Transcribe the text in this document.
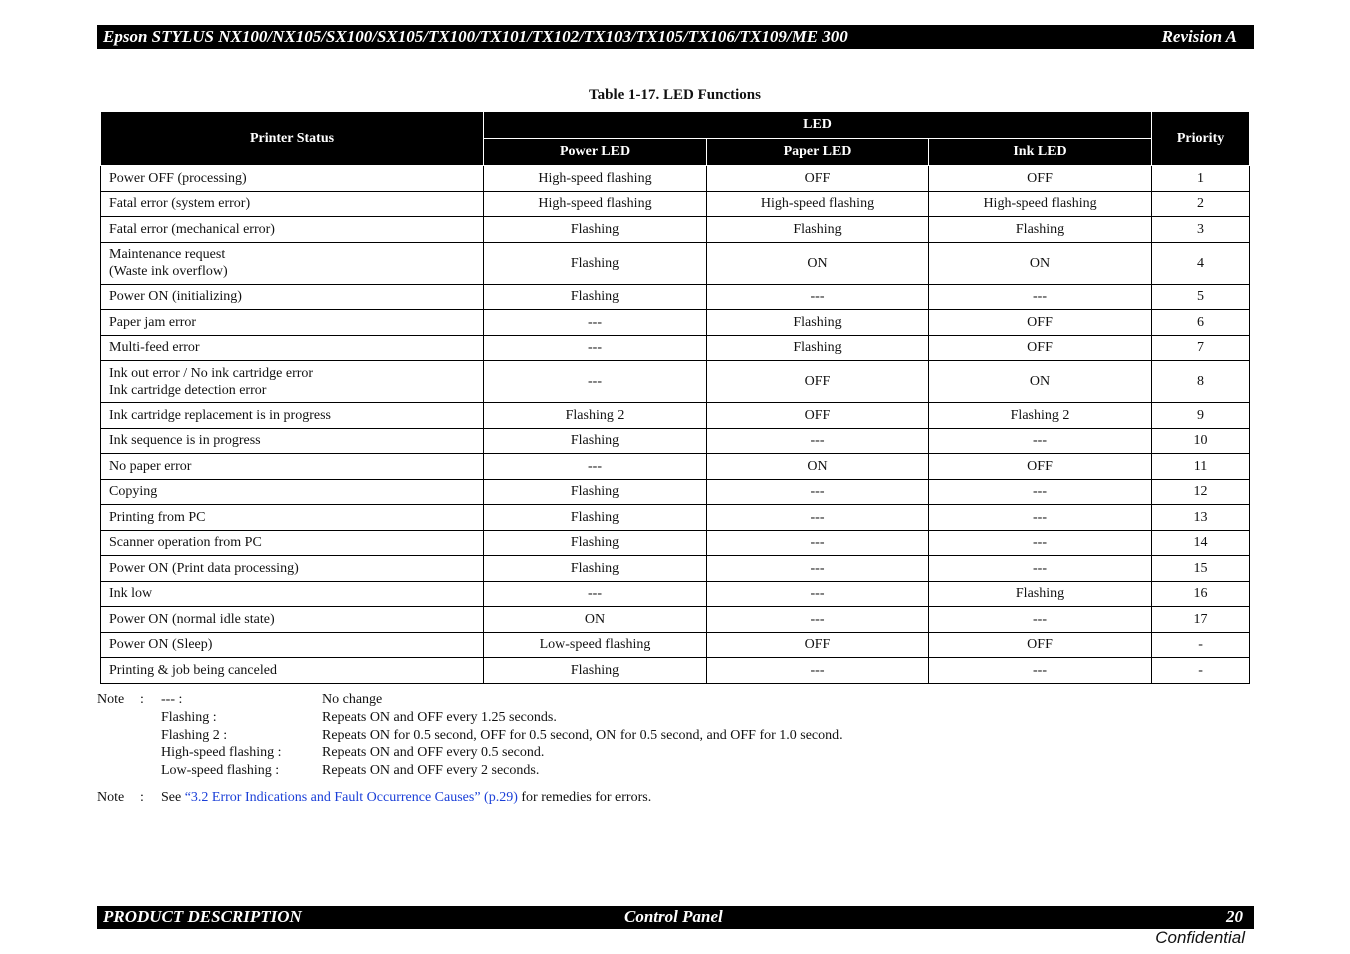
Epson STYLUS NX100/NX105/SX100/SX105/TX100/TX101/TX102/TX103/TX105/TX106/TX109/ME 300	Revision A
Table 1-17. LED Functions
Printer Status	LED			Priority
	Power LED	Paper LED	Ink LED	

Power OFF (processing)	High-speed flashing	OFF	OFF	1

Fatal error (system error)	High-speed flashing	High-speed flashing	High-speed flashing	2

Fatal error (mechanical error)	Flashing	Flashing	Flashing	3

Maintenance request
(Waste ink overflow)	Flashing	ON	ON	4

Power ON (initializing)	Flashing	---	---	5

Paper jam error	---	Flashing	OFF	6

Multi-feed error	---	Flashing	OFF	7

Ink out error / No ink cartridge error
Ink cartridge detection error	---	OFF	ON	8

Ink cartridge replacement is in progress	Flashing 2	OFF	Flashing 2	9

Ink sequence is in progress	Flashing	---	---	10

No paper error	---	ON	OFF	11

Copying	Flashing	---	---	12

Printing from PC	Flashing	---	---	13

Scanner operation from PC	Flashing	---	---	14

Power ON (Print data processing)	Flashing	---	---	15

Ink low	---	---	Flashing	16

Power ON (normal idle state)	ON	---	---	17

Power ON (Sleep)	Low-speed flashing	OFF	OFF	-

Printing & job being canceled	Flashing	---	---	-
Note : --- :	No change
Flashing :	Repeats ON and OFF every 1.25 seconds.
Flashing 2 :	Repeats ON for 0.5 second, OFF for 0.5 second, ON for 0.5 second, and OFF for 1.0 second.
High-speed flashing :	Repeats ON and OFF every 0.5 second.
Low-speed flashing :	Repeats ON and OFF every 2 seconds.
Note : See “3.2 Error Indications and Fault Occurrence Causes” (p.29) for remedies for errors.
PRODUCT DESCRIPTION	Control Panel	20
Confidential
